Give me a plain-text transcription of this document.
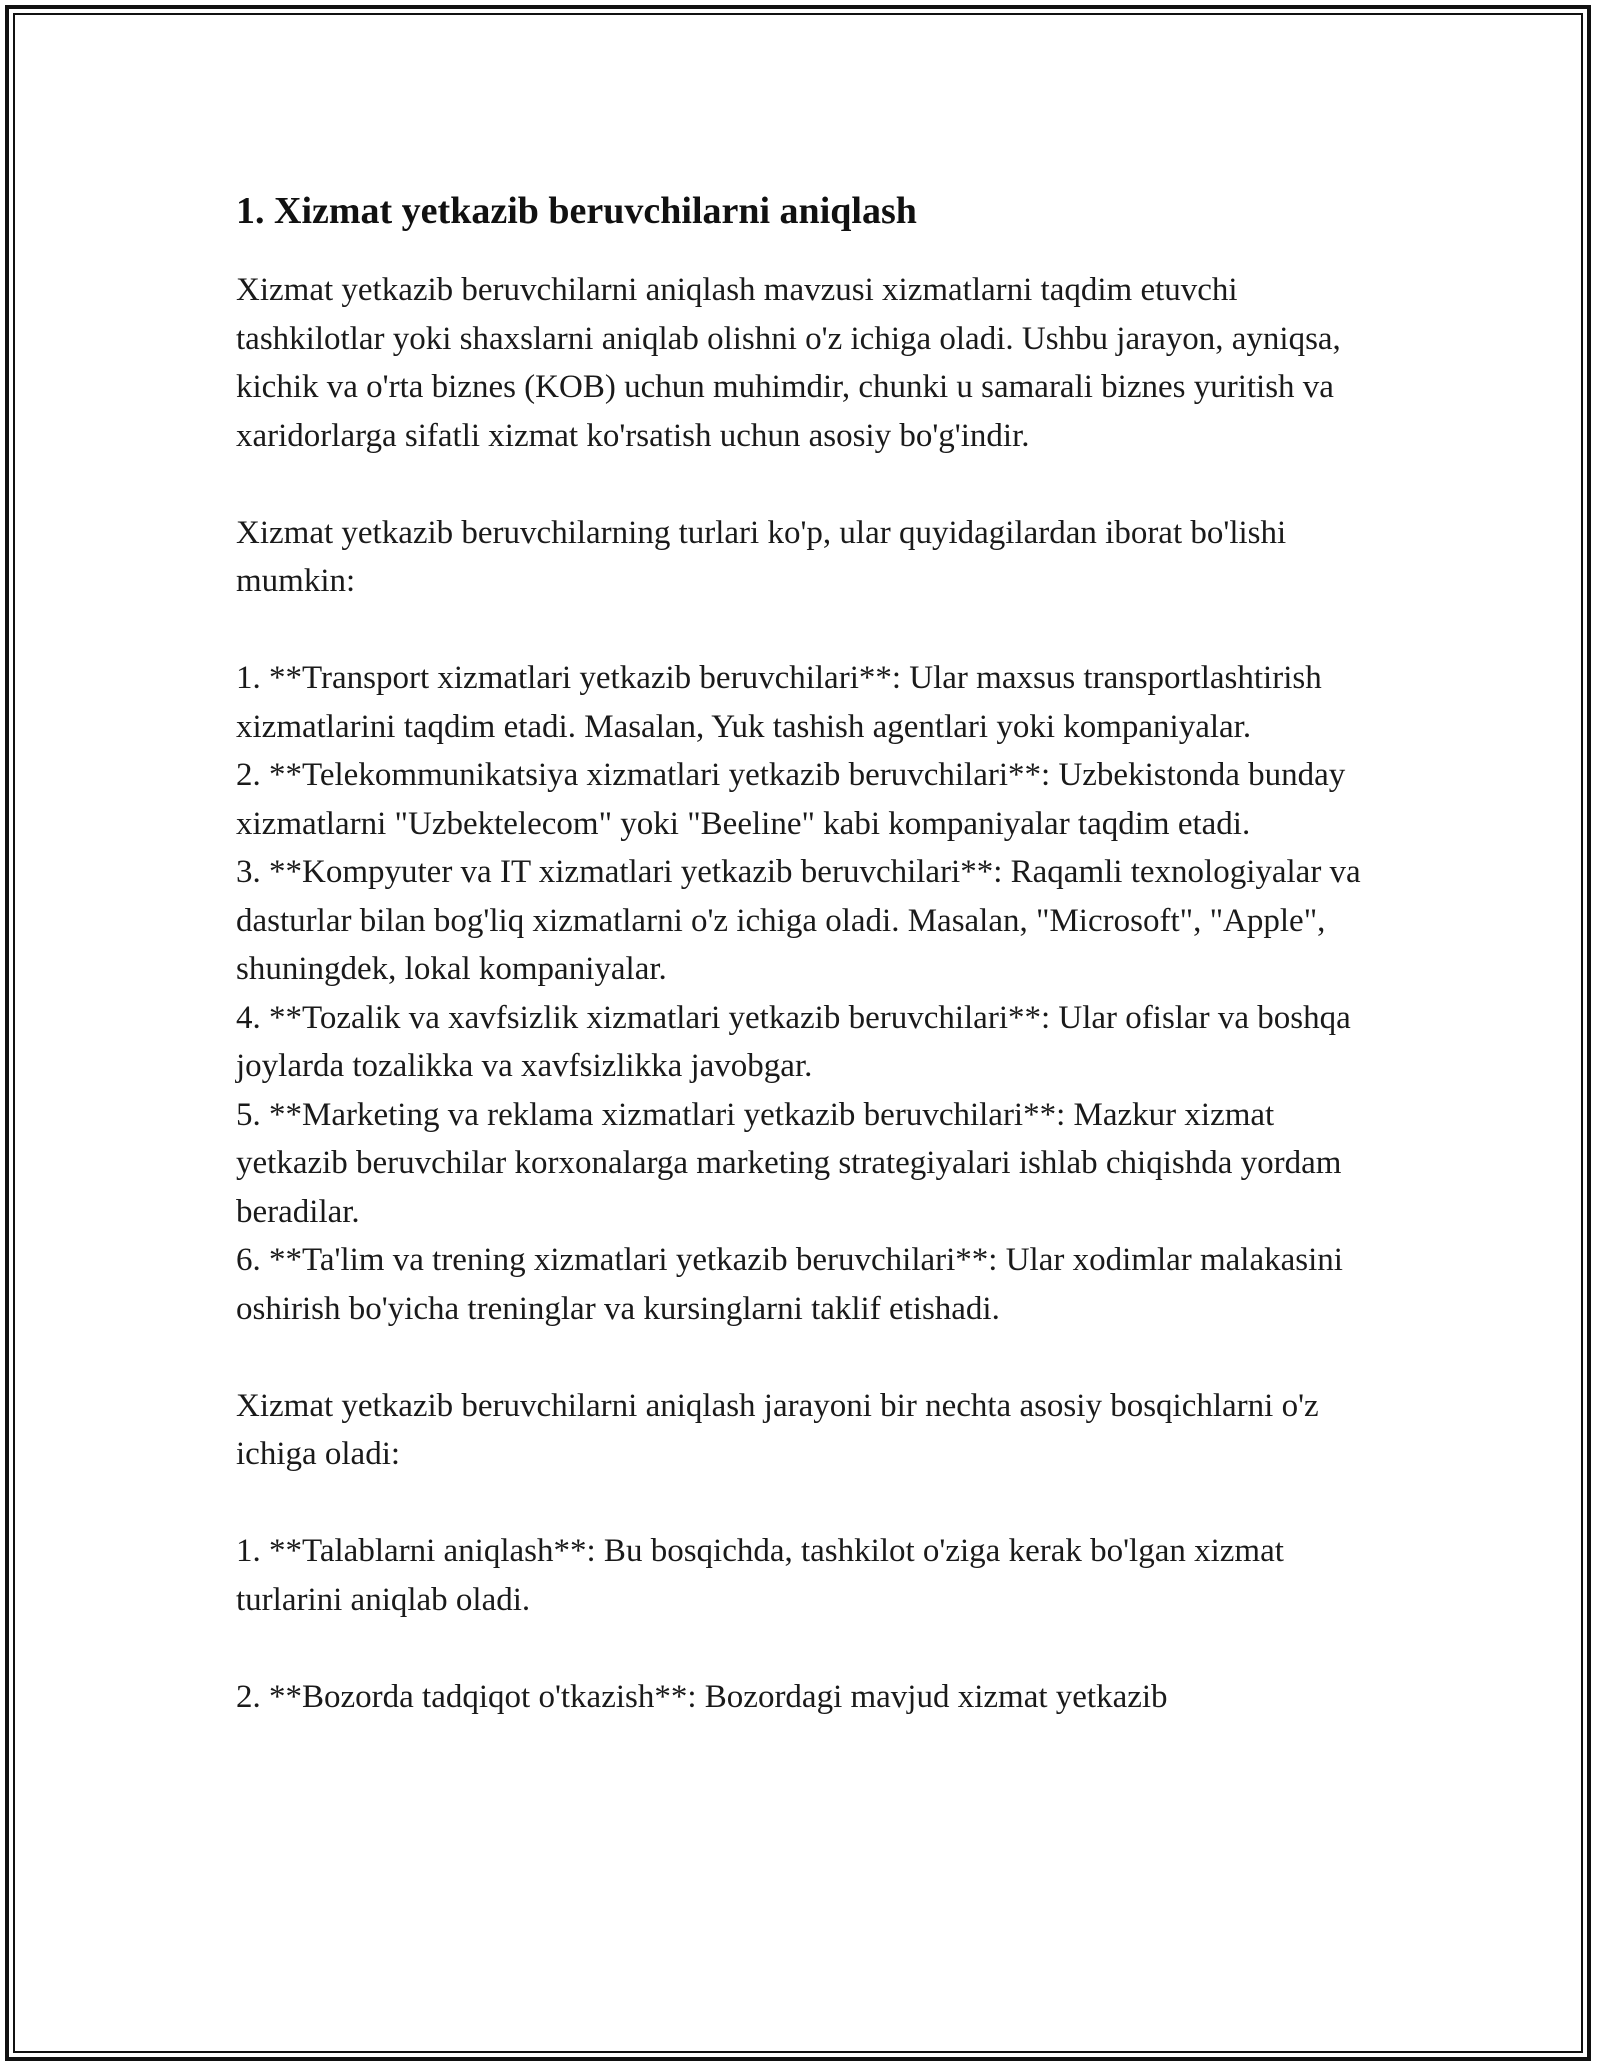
1. Xizmat yetkazib beruvchilarni aniqlash

Xizmat yetkazib beruvchilarni aniqlash mavzusi xizmatlarni taqdim etuvchi tashkilotlar yoki shaxslarni aniqlab olishni o'z ichiga oladi. Ushbu jarayon, ayniqsa, kichik va o'rta biznes (KOB) uchun muhimdir, chunki u samarali biznes yuritish va xaridorlarga sifatli xizmat ko'rsatish uchun asosiy bo'g'indir.

Xizmat yetkazib beruvchilarning turlari ko'p, ular quyidagilardan iborat bo'lishi mumkin:

1. **Transport xizmatlari yetkazib beruvchilari**: Ular maxsus transportlashtirish xizmatlarini taqdim etadi. Masalan, Yuk tashish agentlari yoki kompaniyalar.
2. **Telekommunikatsiya xizmatlari yetkazib beruvchilari**: Uzbekistonda bunday xizmatlarni "Uzbektelecom" yoki "Beeline" kabi kompaniyalar taqdim etadi.
3. **Kompyuter va IT xizmatlari yetkazib beruvchilari**: Raqamli texnologiyalar va dasturlar bilan bog'liq xizmatlarni o'z ichiga oladi. Masalan, "Microsoft", "Apple", shuningdek, lokal kompaniyalar.
4. **Tozalik va xavfsizlik xizmatlari yetkazib beruvchilari**: Ular ofislar va boshqa joylarda tozalikka va xavfsizlikka javobgar.
5. **Marketing va reklama xizmatlari yetkazib beruvchilari**: Mazkur xizmat yetkazib beruvchilar korxonalarga marketing strategiyalari ishlab chiqishda yordam beradilar.
6. **Ta'lim va trening xizmatlari yetkazib beruvchilari**: Ular xodimlar malakasini oshirish bo'yicha treninglar va kursinglarni taklif etishadi.

Xizmat yetkazib beruvchilarni aniqlash jarayoni bir nechta asosiy bosqichlarni o'z ichiga oladi:

1. **Talablarni aniqlash**: Bu bosqichda, tashkilot o'ziga kerak bo'lgan xizmat turlarini aniqlab oladi.

2. **Bozorda tadqiqot o'tkazish**: Bozordagi mavjud xizmat yetkazib
